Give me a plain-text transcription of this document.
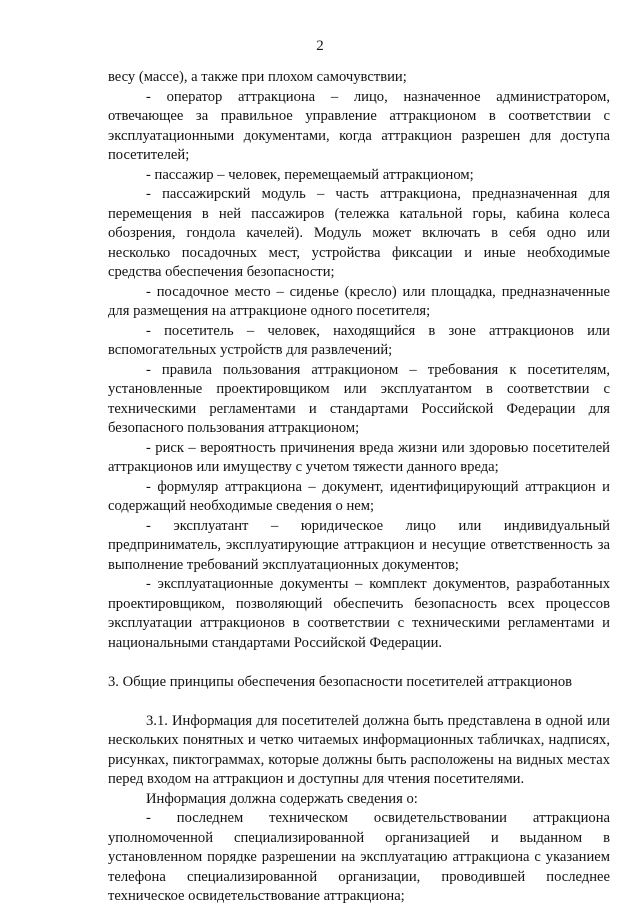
2

весу (массе), а также при плохом самочувствии;

- оператор аттракциона – лицо, назначенное администратором, отвечающее за правильное управление аттракционом в соответствии с эксплуатационными документами, когда аттракцион разрешен для доступа посетителей;

- пассажир – человек, перемещаемый аттракционом;

- пассажирский модуль – часть аттракциона, предназначенная для перемещения в ней пассажиров (тележка катальной горы, кабина колеса обозрения, гондола качелей). Модуль может включать в себя одно или несколько посадочных мест, устройства фиксации и иные необходимые средства обеспечения безопасности;

- посадочное место – сиденье (кресло) или площадка, предназначенные для размещения на аттракционе одного посетителя;

- посетитель – человек, находящийся в зоне аттракционов или вспомогательных устройств для развлечений;

- правила пользования аттракционом – требования к посетителям, установленные проектировщиком или эксплуатантом в соответствии с техническими регламентами и стандартами Российской Федерации для безопасного пользования аттракционом;

- риск – вероятность причинения вреда жизни или здоровью посетителей аттракционов или имуществу с учетом тяжести данного вреда;

- формуляр аттракциона – документ, идентифицирующий аттракцион и содержащий необходимые сведения о нем;

- эксплуатант – юридическое лицо или индивидуальный предприниматель, эксплуатирующие аттракцион и несущие ответственность за выполнение требований эксплуатационных документов;

- эксплуатационные документы – комплект документов, разработанных проектировщиком, позволяющий обеспечить безопасность всех процессов эксплуатации аттракционов в соответствии с техническими регламентами и национальными стандартами Российской Федерации.

3. Общие принципы обеспечения безопасности посетителей аттракционов

3.1. Информация для посетителей должна быть представлена в одной или нескольких понятных и четко читаемых информационных табличках, надписях, рисунках, пиктограммах, которые должны быть расположены на видных местах перед входом на аттракцион и доступны для чтения посетителями.

Информация должна содержать сведения о:

- последнем техническом освидетельствовании аттракциона уполномоченной специализированной организацией и выданном в установленном порядке разрешении на эксплуатацию аттракциона с указанием телефона специализированной организации, проводившей последнее техническое освидетельствование аттракциона;
